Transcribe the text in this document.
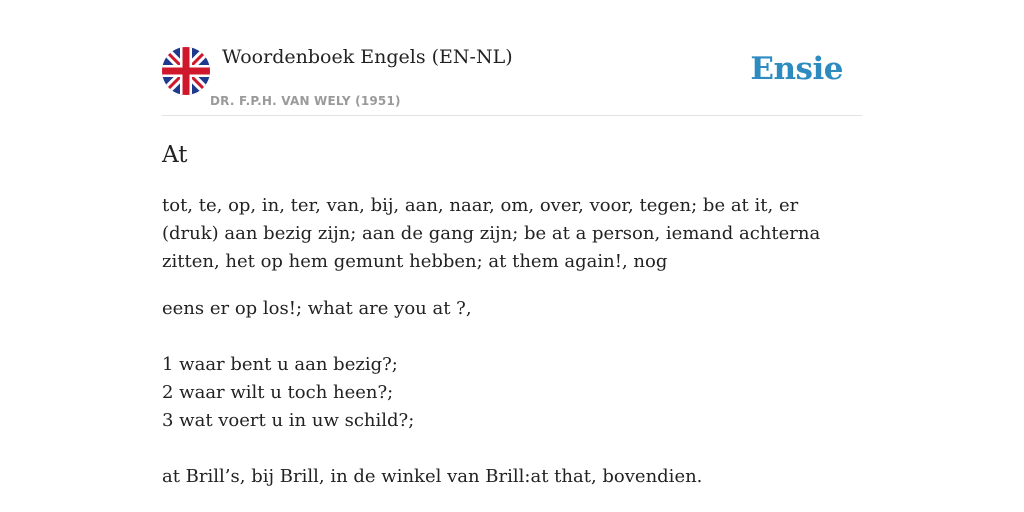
Woordenboek Engels (EN-NL)
DR. F.P.H. VAN WELY (1951)
Ensie
At

tot, te, op, in, ter, van, bij, aan, naar, om, over, voor, tegen; be at it, er (druk) aan bezig zijn; aan de gang zijn; be at a person, iemand achterna zitten, het op hem gemunt hebben; at them again!, nog

eens er op los!; what are you at ?,
1 waar bent u aan bezig?;
2 waar wilt u toch heen?;
3 wat voert u in uw schild?;
at Brill’s, bij Brill, in de winkel van Brill:at that, bovendien.
